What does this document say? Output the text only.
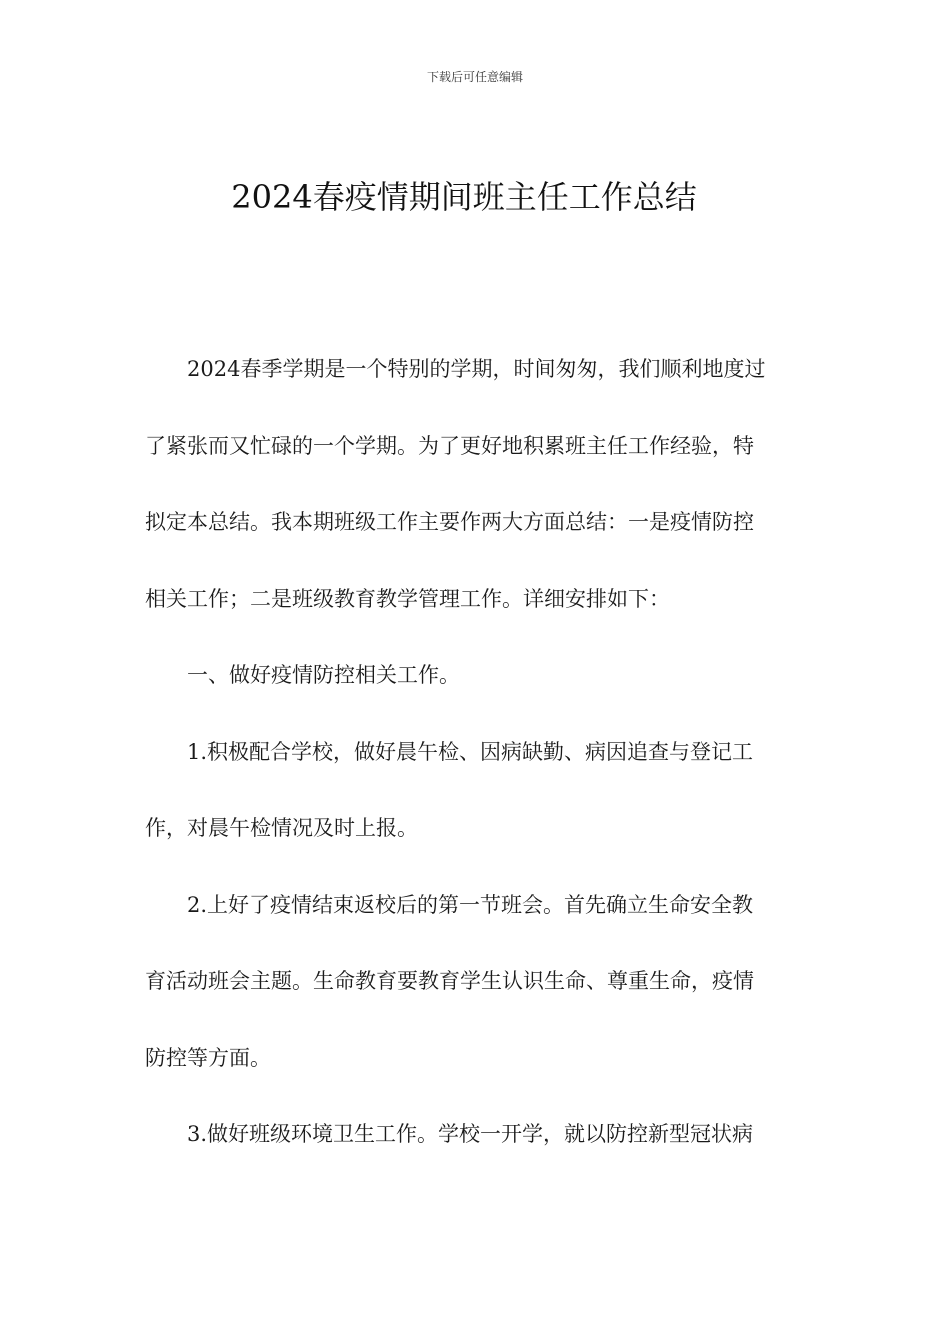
下载后可任意编辑
2024春疫情期间班主任工作总结
2024春季学期是一个特别的学期，时间匆匆，我们顺利地度过
了紧张而又忙碌的一个学期。为了更好地积累班主任工作经验，特
拟定本总结。我本期班级工作主要作两大方面总结：一是疫情防控
相关工作；二是班级教育教学管理工作。详细安排如下：
一、做好疫情防控相关工作。
1.积极配合学校，做好晨午检、因病缺勤、病因追查与登记工
作，对晨午检情况及时上报。
2.上好了疫情结束返校后的第一节班会。首先确立生命安全教
育活动班会主题。生命教育要教育学生认识生命、尊重生命，疫情
防控等方面。
3.做好班级环境卫生工作。学校一开学，就以防控新型冠状病
